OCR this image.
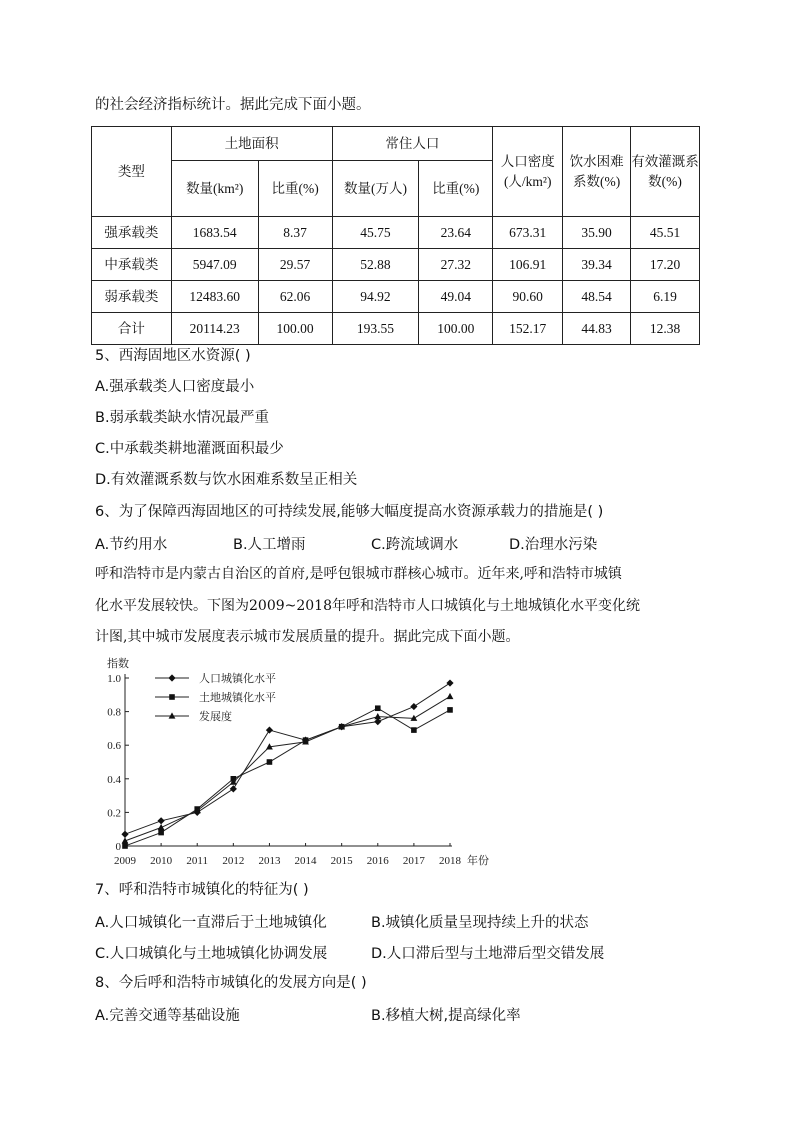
的社会经济指标统计。据此完成下面小题。
类型	土地面积		常住人口		人口密度(人/km²)	饮水困难系数(%)	有效灌溉系数(%)
	数量(km²)	比重(%)	数量(万人)	比重(%)			
强承载类	1683.54	8.37	45.75	23.64	673.31	35.90	45.51
中承载类	5947.09	29.57	52.88	27.32	106.91	39.34	17.20
弱承载类	12483.60	62.06	94.92	49.04	90.60	48.54	6.19
合计	20114.23	100.00	193.55	100.00	152.17	44.83	12.38
5、西海固地区水资源( )
A.强承载类人口密度最小
B.弱承载类缺水情况最严重
C.中承载类耕地灌溉面积最少
D.有效灌溉系数与饮水困难系数呈正相关
6、为了保障西海固地区的可持续发展,能够大幅度提高水资源承载力的措施是( )
A.节约用水	B.人工增雨	C.跨流域调水	D.治理水污染
呼和浩特市是内蒙古自治区的首府,是呼包银城市群核心城市。近年来,呼和浩特市城镇
化水平发展较快。下图为2009~2018年呼和浩特市人口城镇化与土地城镇化水平变化统
计图,其中城市发展度表示城市发展质量的提升。据此完成下面小题。
指数
0
0.2
0.4
0.6
0.8
1.0
2009 2010 2011 2012 2013 2014 2015 2016 2017 2018 年份
人口城镇化水平
土地城镇化水平
发展度
7、呼和浩特市城镇化的特征为( )
A.人口城镇化一直滞后于土地城镇化	B.城镇化质量呈现持续上升的状态
C.人口城镇化与土地城镇化协调发展	D.人口滞后型与土地滞后型交错发展
8、今后呼和浩特市城镇化的发展方向是( )
A.完善交通等基础设施	B.移植大树,提高绿化率
